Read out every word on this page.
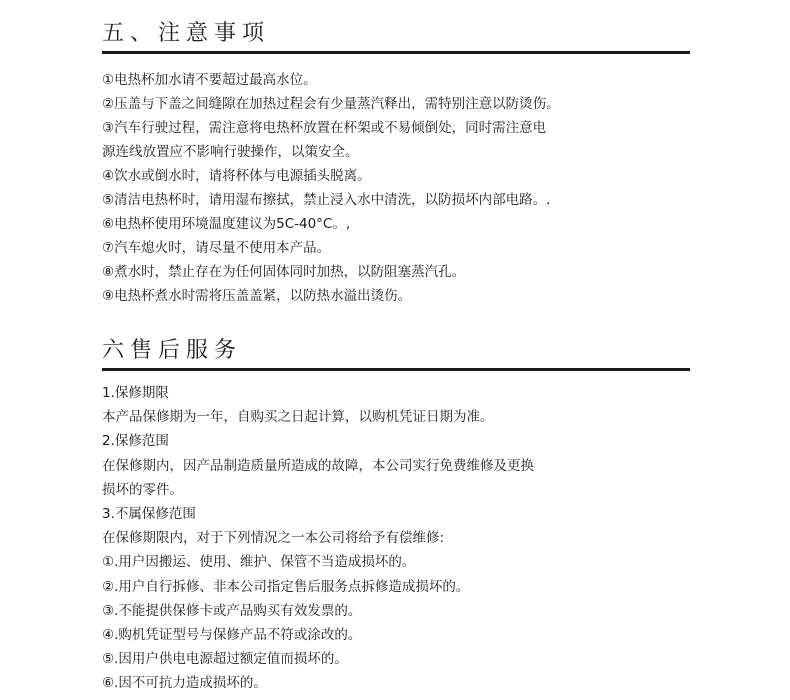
五、注意事项
①电热杯加水请不要超过最高水位。
②压盖与下盖之间缝隙在加热过程会有少量蒸汽释出，需特别注意以防烫伤。
③汽车行驶过程，需注意将电热杯放置在杯架或不易倾倒处，同时需注意电
源连线放置应不影响行驶操作，以策安全。
④饮水或倒水时，请将杯体与电源插头脱离。
⑤清洁电热杯时，请用湿布擦拭，禁止浸入水中清洗，以防损坏内部电路。.
⑥电热杯使用环境温度建议为5C-40°C。,
⑦汽车熄火时，请尽量不使用本产品。
⑧煮水时，禁止存在为任何固体同时加热，以防阻塞蒸汽孔。
⑨电热杯煮水时需将压盖盖紧，以防热水溢出烫伤。
六售后服务
1.保修期限
本产品保修期为一年，自购买之日起计算，以购机凭证日期为准。
2.保修范围
在保修期内，因产品制造质量所造成的故障，本公司实行免费维修及更换
损坏的零件。
3.不属保修范围
在保修期限内，对于下列情况之一本公司将给予有偿维修:
①.用户因搬运、使用、维护、保管不当造成损坏的。
②.用户自行拆修、非本公司指定售后服务点拆修造成损坏的。
③.不能提供保修卡或产品购买有效发票的。
④.购机凭证型号与保修产品不符或涂改的。
⑤.因用户供电电源超过额定值而损坏的。
⑥.因不可抗力造成损坏的。
